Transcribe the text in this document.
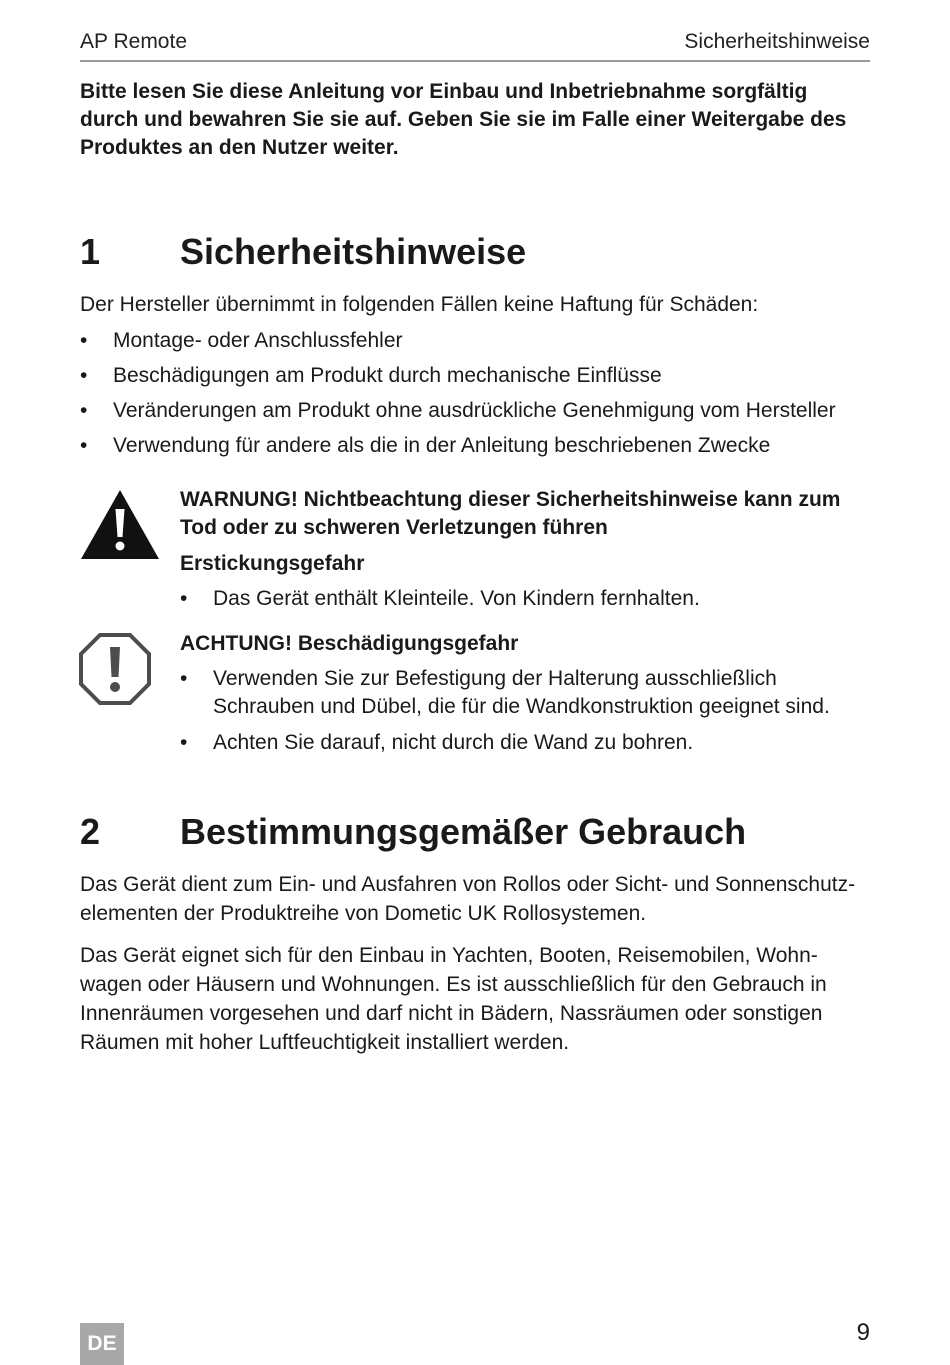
AP Remote	Sicherheitshinweise
Bitte lesen Sie diese Anleitung vor Einbau und Inbetriebnahme sorgfältig durch und bewahren Sie sie auf. Geben Sie sie im Falle einer Weitergabe des Produktes an den Nutzer weiter.
1 Sicherheitshinweise
Der Hersteller übernimmt in folgenden Fällen keine Haftung für Schäden:
• Montage- oder Anschlussfehler
• Beschädigungen am Produkt durch mechanische Einflüsse
• Veränderungen am Produkt ohne ausdrückliche Genehmigung vom Hersteller
• Verwendung für andere als die in der Anleitung beschriebenen Zwecke
WARNUNG! Nichtbeachtung dieser Sicherheitshinweise kann zum Tod oder zu schweren Verletzungen führen
Erstickungsgefahr
• Das Gerät enthält Kleinteile. Von Kindern fernhalten.
ACHTUNG! Beschädigungsgefahr
• Verwenden Sie zur Befestigung der Halterung ausschließlich Schrauben und Dübel, die für die Wandkonstruktion geeignet sind.
• Achten Sie darauf, nicht durch die Wand zu bohren.
2 Bestimmungsgemäßer Gebrauch
Das Gerät dient zum Ein- und Ausfahren von Rollos oder Sicht- und Sonnenschutzelementen der Produktreihe von Dometic UK Rollosystemen.
Das Gerät eignet sich für den Einbau in Yachten, Booten, Reisemobilen, Wohnwagen oder Häusern und Wohnungen. Es ist ausschließlich für den Gebrauch in Innenräumen vorgesehen und darf nicht in Bädern, Nassräumen oder sonstigen Räumen mit hoher Luftfeuchtigkeit installiert werden.
DE	9
